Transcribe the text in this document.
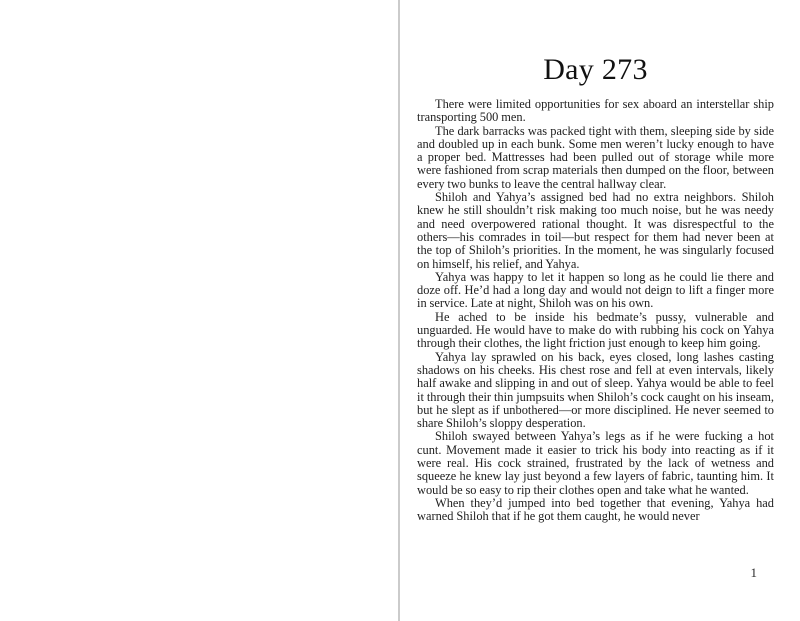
Day 273

There were limited opportunities for sex aboard an interstellar ship transporting 500 men.

The dark barracks was packed tight with them, sleeping side by side and doubled up in each bunk. Some men weren’t lucky enough to have a proper bed. Mattresses had been pulled out of storage while more were fashioned from scrap materials then dumped on the floor, between every two bunks to leave the central hallway clear.

Shiloh and Yahya’s assigned bed had no extra neighbors. Shiloh knew he still shouldn’t risk making too much noise, but he was needy and need overpowered rational thought. It was disrespectful to the others—his comrades in toil—but respect for them had never been at the top of Shiloh’s priorities. In the moment, he was singularly focused on himself, his relief, and Yahya.

Yahya was happy to let it happen so long as he could lie there and doze off. He’d had a long day and would not deign to lift a finger more in service. Late at night, Shiloh was on his own.

He ached to be inside his bedmate’s pussy, vulnerable and unguarded. He would have to make do with rubbing his cock on Yahya through their clothes, the light friction just enough to keep him going.

Yahya lay sprawled on his back, eyes closed, long lashes casting shadows on his cheeks. His chest rose and fell at even intervals, likely half awake and slipping in and out of sleep. Yahya would be able to feel it through their thin jumpsuits when Shiloh’s cock caught on his inseam, but he slept as if unbothered—or more disciplined. He never seemed to share Shiloh’s sloppy desperation.

Shiloh swayed between Yahya’s legs as if he were fucking a hot cunt. Movement made it easier to trick his body into reacting as if it were real. His cock strained, frustrated by the lack of wetness and squeeze he knew lay just beyond a few layers of fabric, taunting him. It would be so easy to rip their clothes open and take what he wanted.

When they’d jumped into bed together that evening, Yahya had warned Shiloh that if he got them caught, he would never

1
